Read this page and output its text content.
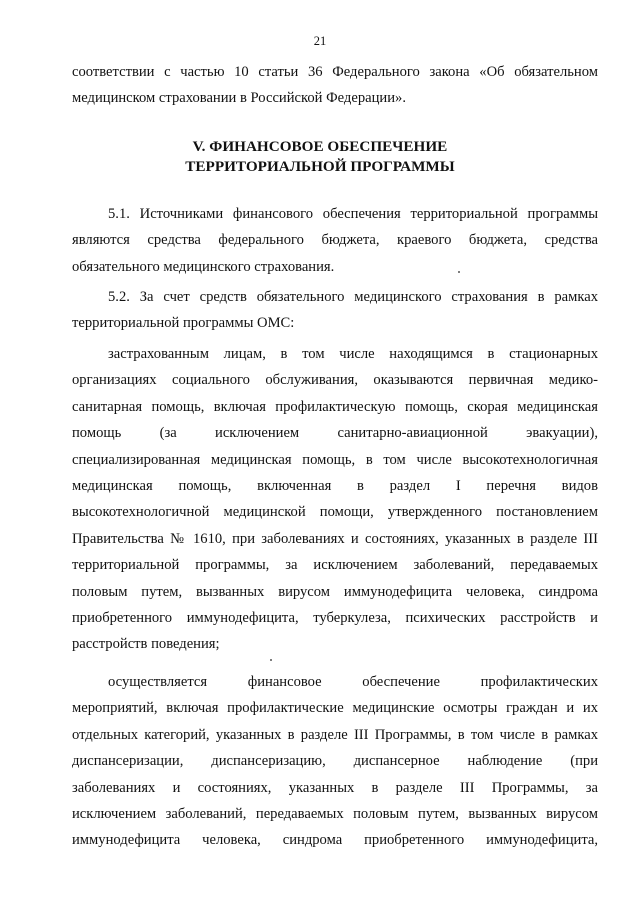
21
соответствии с частью 10 статьи 36 Федерального закона «Об обязательном
медицинском страховании в Российской Федерации».
V. ФИНАНСОВОЕ ОБЕСПЕЧЕНИЕ
ТЕРРИТОРИАЛЬНОЙ ПРОГРАММЫ
5.1. Источниками финансового обеспечения территориальной программы
являются средства федерального бюджета, краевого бюджета, средства
обязательного медицинского страхования.
5.2. За счет средств обязательного медицинского страхования в рамках
территориальной программы ОМС:
застрахованным лицам, в том числе находящимся в стационарных
организациях социального обслуживания, оказываются первичная медико-
санитарная помощь, включая профилактическую помощь, скорая медицинская
помощь (за исключением санитарно-авиационной эвакуации),
специализированная медицинская помощь, в том числе высокотехнологичная
медицинская помощь, включенная в раздел I перечня видов
высокотехнологичной медицинской помощи, утвержденного постановлением
Правительства № 1610, при заболеваниях и состояниях, указанных в разделе III
территориальной программы, за исключением заболеваний, передаваемых
половым путем, вызванных вирусом иммунодефицита человека, синдрома
приобретенного иммунодефицита, туберкулеза, психических расстройств и
расстройств поведения;
осуществляется финансовое обеспечение профилактических
мероприятий, включая профилактические медицинские осмотры граждан и их
отдельных категорий, указанных в разделе III Программы, в том числе в рамках
диспансеризации, диспансеризацию, диспансерное наблюдение (при
заболеваниях и состояниях, указанных в разделе III Программы, за
исключением заболеваний, передаваемых половым путем, вызванных вирусом
иммунодефицита человека, синдрома приобретенного иммунодефицита,
